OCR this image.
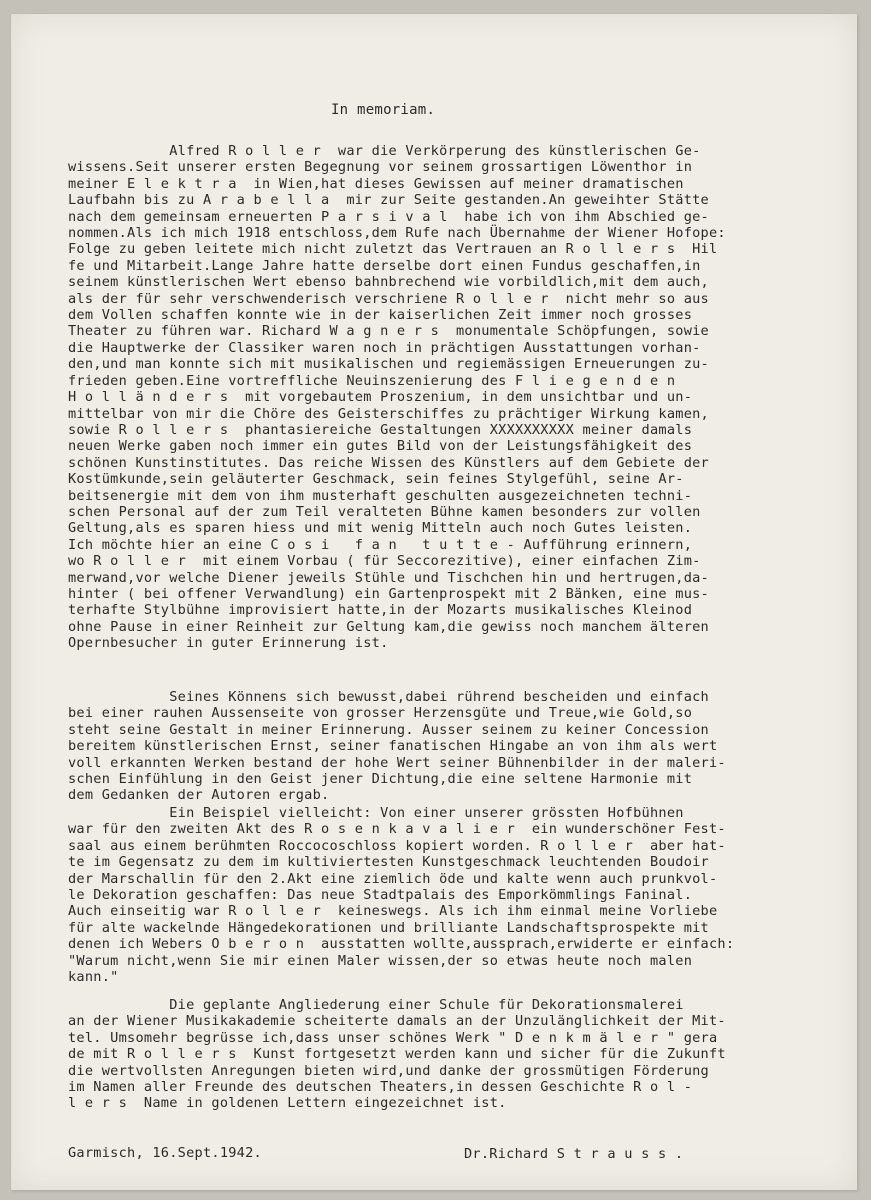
In memoriam.
Alfred R o l l e r  war die Verkörperung des künstlerischen Ge-
wissens.Seit unserer ersten Begegnung vor seinem grossartigen Löwenthor in
meiner E l e k t r a  in Wien,hat dieses Gewissen auf meiner dramatischen
Laufbahn bis zu A r a b e l l a  mir zur Seite gestanden.An geweihter Stätte
nach dem gemeinsam erneuerten P a r s i v a l  habe ich von ihm Abschied ge-
nommen.Als ich mich 1918 entschloss,dem Rufe nach Übernahme der Wiener Hofope:
Folge zu geben leitete mich nicht zuletzt das Vertrauen an R o l l e r s  Hil
fe und Mitarbeit.Lange Jahre hatte derselbe dort einen Fundus geschaffen,in
seinem künstlerischen Wert ebenso bahnbrechend wie vorbildlich,mit dem auch,
als der für sehr verschwenderisch verschriene R o l l e r  nicht mehr so aus
dem Vollen schaffen konnte wie in der kaiserlichen Zeit immer noch grosses
Theater zu führen war. Richard W a g n e r s  monumentale Schöpfungen, sowie
die Hauptwerke der Classiker waren noch in prächtigen Ausstattungen vorhan-
den,und man konnte sich mit musikalischen und regiemässigen Erneuerungen zu-
frieden geben.Eine vortreffliche Neuinszenierung des F l i e g e n d e n
H o l l ä n d e r s  mit vorgebautem Proszenium, in dem unsichtbar und un-
mittelbar von mir die Chöre des Geisterschiffes zu prächtiger Wirkung kamen,
sowie R o l l e r s  phantasiereiche Gestaltungen XXXXXXXXXX meiner damals
neuen Werke gaben noch immer ein gutes Bild von der Leistungsfähigkeit des
schönen Kunstinstitutes. Das reiche Wissen des Künstlers auf dem Gebiete der
Kostümkunde,sein geläuterter Geschmack, sein feines Stylgefühl, seine Ar-
beitsenergie mit dem von ihm musterhaft geschulten ausgezeichneten techni-
schen Personal auf der zum Teil veralteten Bühne kamen besonders zur vollen
Geltung,als es sparen hiess und mit wenig Mitteln auch noch Gutes leisten.
Ich möchte hier an eine C o s i   f a n   t u t t e - Aufführung erinnern,
wo R o l l e r  mit einem Vorbau ( für Seccorezitive), einer einfachen Zim-
merwand,vor welche Diener jeweils Stühle und Tischchen hin und hertrugen,da-
hinter ( bei offener Verwandlung) ein Gartenprospekt mit 2 Bänken, eine mus-
terhafte Stylbühne improvisiert hatte,in der Mozarts musikalisches Kleinod
ohne Pause in einer Reinheit zur Geltung kam,die gewiss noch manchem älteren
Opernbesucher in guter Erinnerung ist.
Seines Könnens sich bewusst,dabei rührend bescheiden und einfach
bei einer rauhen Aussenseite von grosser Herzensgüte und Treue,wie Gold,so
steht seine Gestalt in meiner Erinnerung. Ausser seinem zu keiner Concession
bereitem künstlerischen Ernst, seiner fanatischen Hingabe an von ihm als wert
voll erkannten Werken bestand der hohe Wert seiner Bühnenbilder in der maleri-
schen Einfühlung in den Geist jener Dichtung,die eine seltene Harmonie mit
dem Gedanken der Autoren ergab.
Ein Beispiel vielleicht: Von einer unserer grössten Hofbühnen
war für den zweiten Akt des R o s e n k a v a l i e r  ein wunderschöner Fest-
saal aus einem berühmten Roccocoschloss kopiert worden. R o l l e r  aber hat-
te im Gegensatz zu dem im kultiviertesten Kunstgeschmack leuchtenden Boudoir
der Marschallin für den 2.Akt eine ziemlich öde und kalte wenn auch prunkvol-
le Dekoration geschaffen: Das neue Stadtpalais des Emporkömmlings Faninal.
Auch einseitig war R o l l e r  keineswegs. Als ich ihm einmal meine Vorliebe
für alte wackelnde Hängedekorationen und brilliante Landschaftsprospekte mit
denen ich Webers O b e r o n  ausstatten wollte,aussprach,erwiderte er einfach:
"Warum nicht,wenn Sie mir einen Maler wissen,der so etwas heute noch malen
kann."
Die geplante Angliederung einer Schule für Dekorationsmalerei
an der Wiener Musikakademie scheiterte damals an der Unzulänglichkeit der Mit-
tel. Umsomehr begrüsse ich,dass unser schönes Werk " D e n k m ä l e r " gera
de mit R o l l e r s  Kunst fortgesetzt werden kann und sicher für die Zukunft
die wertvollsten Anregungen bieten wird,und danke der grossmütigen Förderung
im Namen aller Freunde des deutschen Theaters,in dessen Geschichte R o l -
l e r s  Name in goldenen Lettern eingezeichnet ist.
Garmisch, 16.Sept.1942.	Dr.Richard S t r a u s s .
